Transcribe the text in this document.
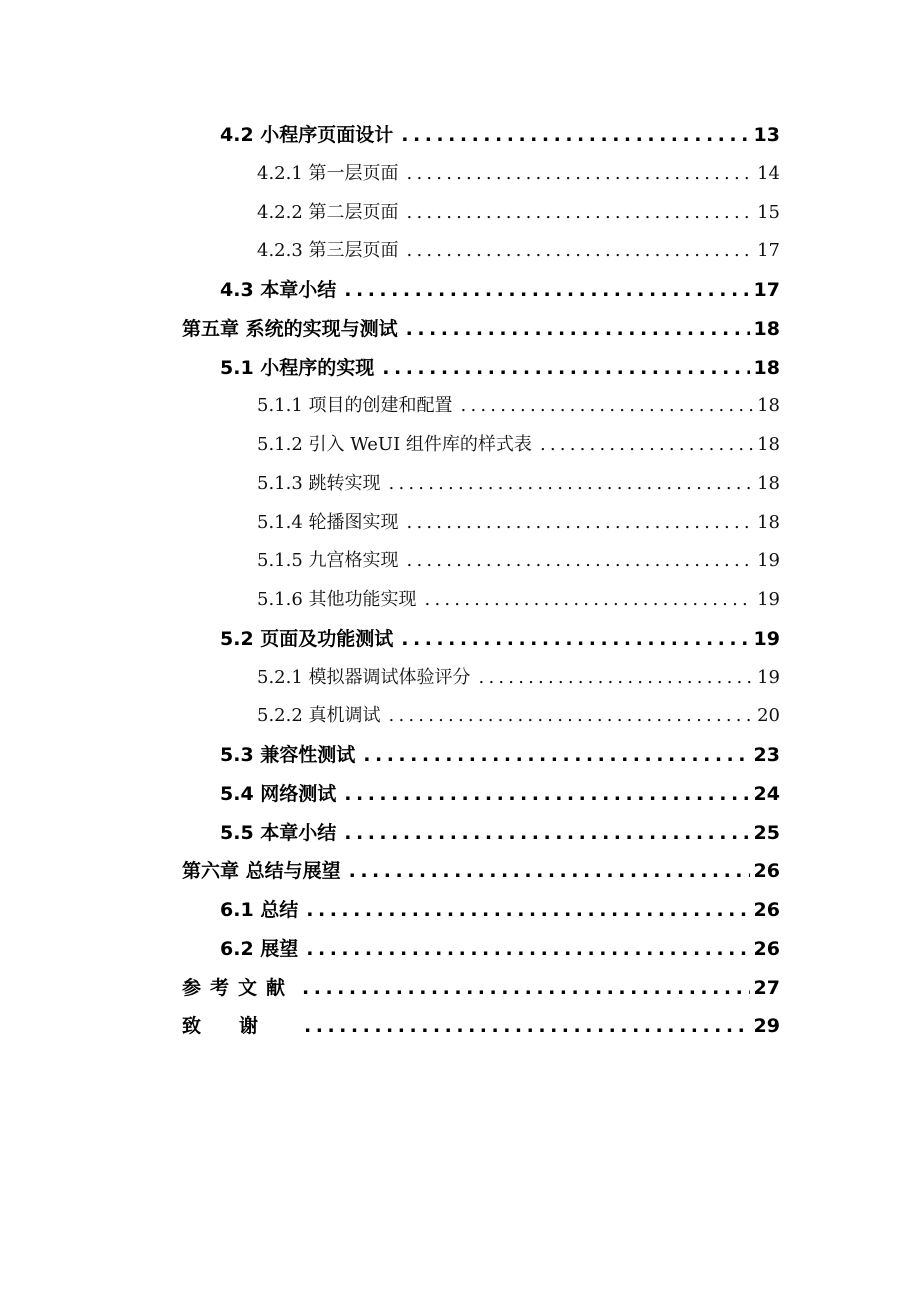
4.2 小程序页面设计 .....	13
4.2.1 第一层页面 .....	14
4.2.2 第二层页面 .....	15
4.2.3 第三层页面 .....	17
4.3 本章小结 .....	17
第五章 系统的实现与测试 .....	18
5.1 小程序的实现 .....	18
5.1.1 项目的创建和配置 .....	18
5.1.2 引入 WeUI 组件库的样式表 .....	18
5.1.3 跳转实现 .....	18
5.1.4 轮播图实现 .....	18
5.1.5 九宫格实现 .....	19
5.1.6 其他功能实现 .....	19
5.2 页面及功能测试 .....	19
5.2.1 模拟器调试体验评分 .....	19
5.2.2 真机调试 .....	20
5.3 兼容性测试 .....	23
5.4 网络测试 .....	24
5.5 本章小结 .....	25
第六章 总结与展望 .....	26
6.1 总结 .....	26
6.2 展望 .....	26
参考文献 .....	27
致谢 .....	29
